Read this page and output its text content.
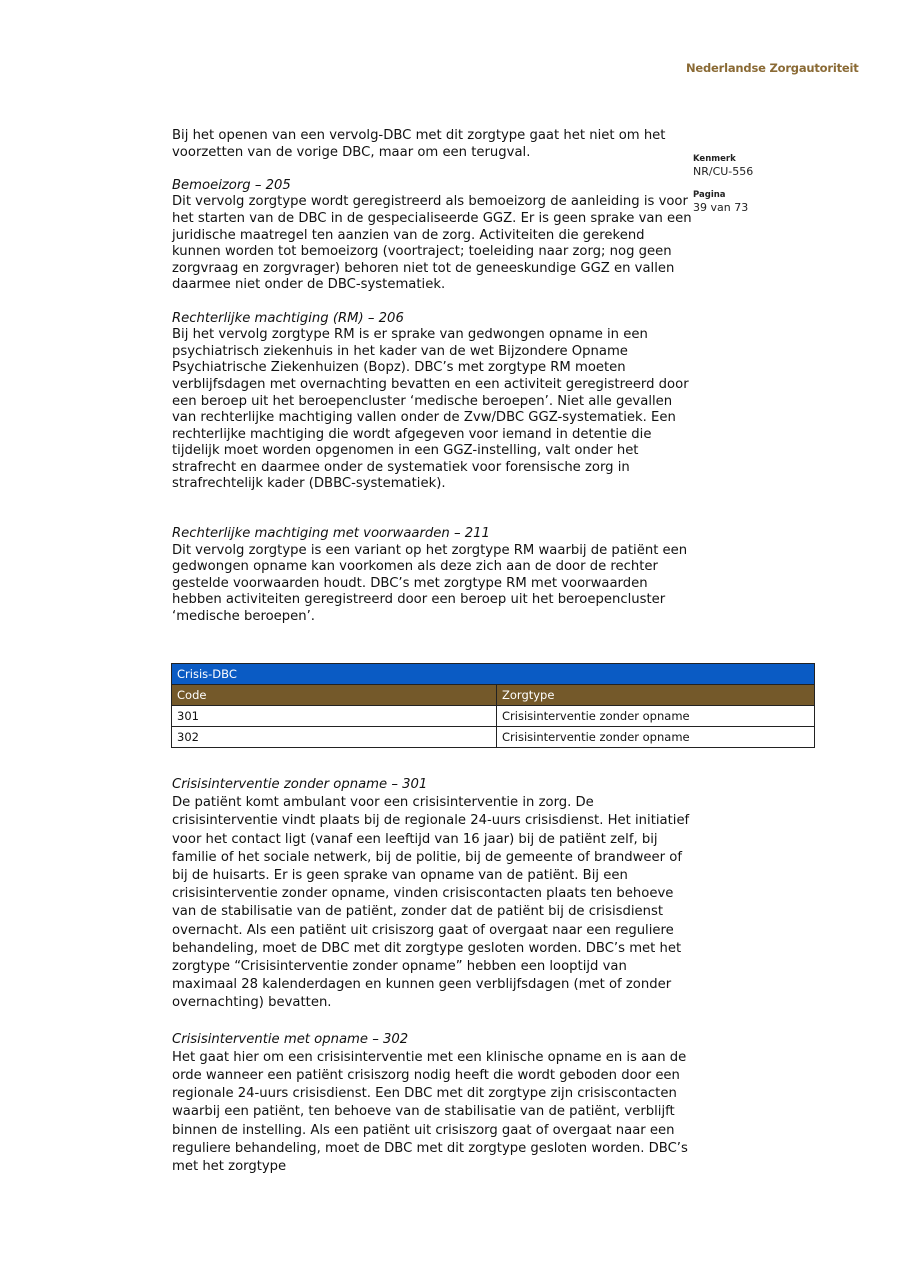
Nederlandse Zorgautoriteit
Kenmerk
NR/CU-556
Pagina
39 van 73

Bij het openen van een vervolg-DBC met dit zorgtype gaat het niet om het voorzetten van de vorige DBC, maar om een terugval.

Bemoeizorg – 205

Dit vervolg zorgtype wordt geregistreerd als bemoeizorg de aanleiding is voor het starten van de DBC in de gespecialiseerde GGZ. Er is geen sprake van een juridische maatregel ten aanzien van de zorg. Activiteiten die gerekend kunnen worden tot bemoeizorg (voortraject; toeleiding naar zorg; nog geen zorgvraag en zorgvrager) behoren niet tot de geneeskundige GGZ en vallen daarmee niet onder de DBC-systematiek.

Rechterlijke machtiging (RM) – 206

Bij het vervolg zorgtype RM is er sprake van gedwongen opname in een psychiatrisch ziekenhuis in het kader van de wet Bijzondere Opname Psychiatrische Ziekenhuizen (Bopz). DBC’s met zorgtype RM moeten verblijfsdagen met overnachting bevatten en een activiteit geregistreerd door een beroep uit het beroepencluster ‘medische beroepen’. Niet alle gevallen van rechterlijke machtiging vallen onder de Zvw/DBC GGZ-systematiek. Een rechterlijke machtiging die wordt afgegeven voor iemand in detentie die tijdelijk moet worden opgenomen in een GGZ-instelling, valt onder het strafrecht en daarmee onder de systematiek voor forensische zorg in strafrechtelijk kader (DBBC-systematiek).

Rechterlijke machtiging met voorwaarden – 211

Dit vervolg zorgtype is een variant op het zorgtype RM waarbij de patiënt een gedwongen opname kan voorkomen als deze zich aan de door de rechter gestelde voorwaarden houdt. DBC’s met zorgtype RM met voorwaarden hebben activiteiten geregistreerd door een beroep uit het beroepencluster ‘medische beroepen’.

Crisis-DBC	
Code	Zorgtype
301	Crisisinterventie zonder opname
302	Crisisinterventie zonder opname

Crisisinterventie zonder opname – 301

De patiënt komt ambulant voor een crisisinterventie in zorg. De crisisinterventie vindt plaats bij de regionale 24-uurs crisisdienst. Het initiatief voor het contact ligt (vanaf een leeftijd van 16 jaar) bij de patiënt zelf, bij familie of het sociale netwerk, bij de politie, bij de gemeente of brandweer of bij de huisarts. Er is geen sprake van opname van de patiënt. Bij een crisisinterventie zonder opname, vinden crisiscontacten plaats ten behoeve van de stabilisatie van de patiënt, zonder dat de patiënt bij de crisisdienst overnacht. Als een patiënt uit crisiszorg gaat of overgaat naar een reguliere behandeling, moet de DBC met dit zorgtype gesloten worden. DBC’s met het zorgtype “Crisisinterventie zonder opname” hebben een looptijd van maximaal 28 kalenderdagen en kunnen geen verblijfsdagen (met of zonder overnachting) bevatten.

Crisisinterventie met opname – 302

Het gaat hier om een crisisinterventie met een klinische opname en is aan de orde wanneer een patiënt crisiszorg nodig heeft die wordt geboden door een regionale 24-uurs crisisdienst. Een DBC met dit zorgtype zijn crisiscontacten waarbij een patiënt, ten behoeve van de stabilisatie van de patiënt, verblijft binnen de instelling. Als een patiënt uit crisiszorg gaat of overgaat naar een reguliere behandeling, moet de DBC met dit zorgtype gesloten worden. DBC’s met het zorgtype
